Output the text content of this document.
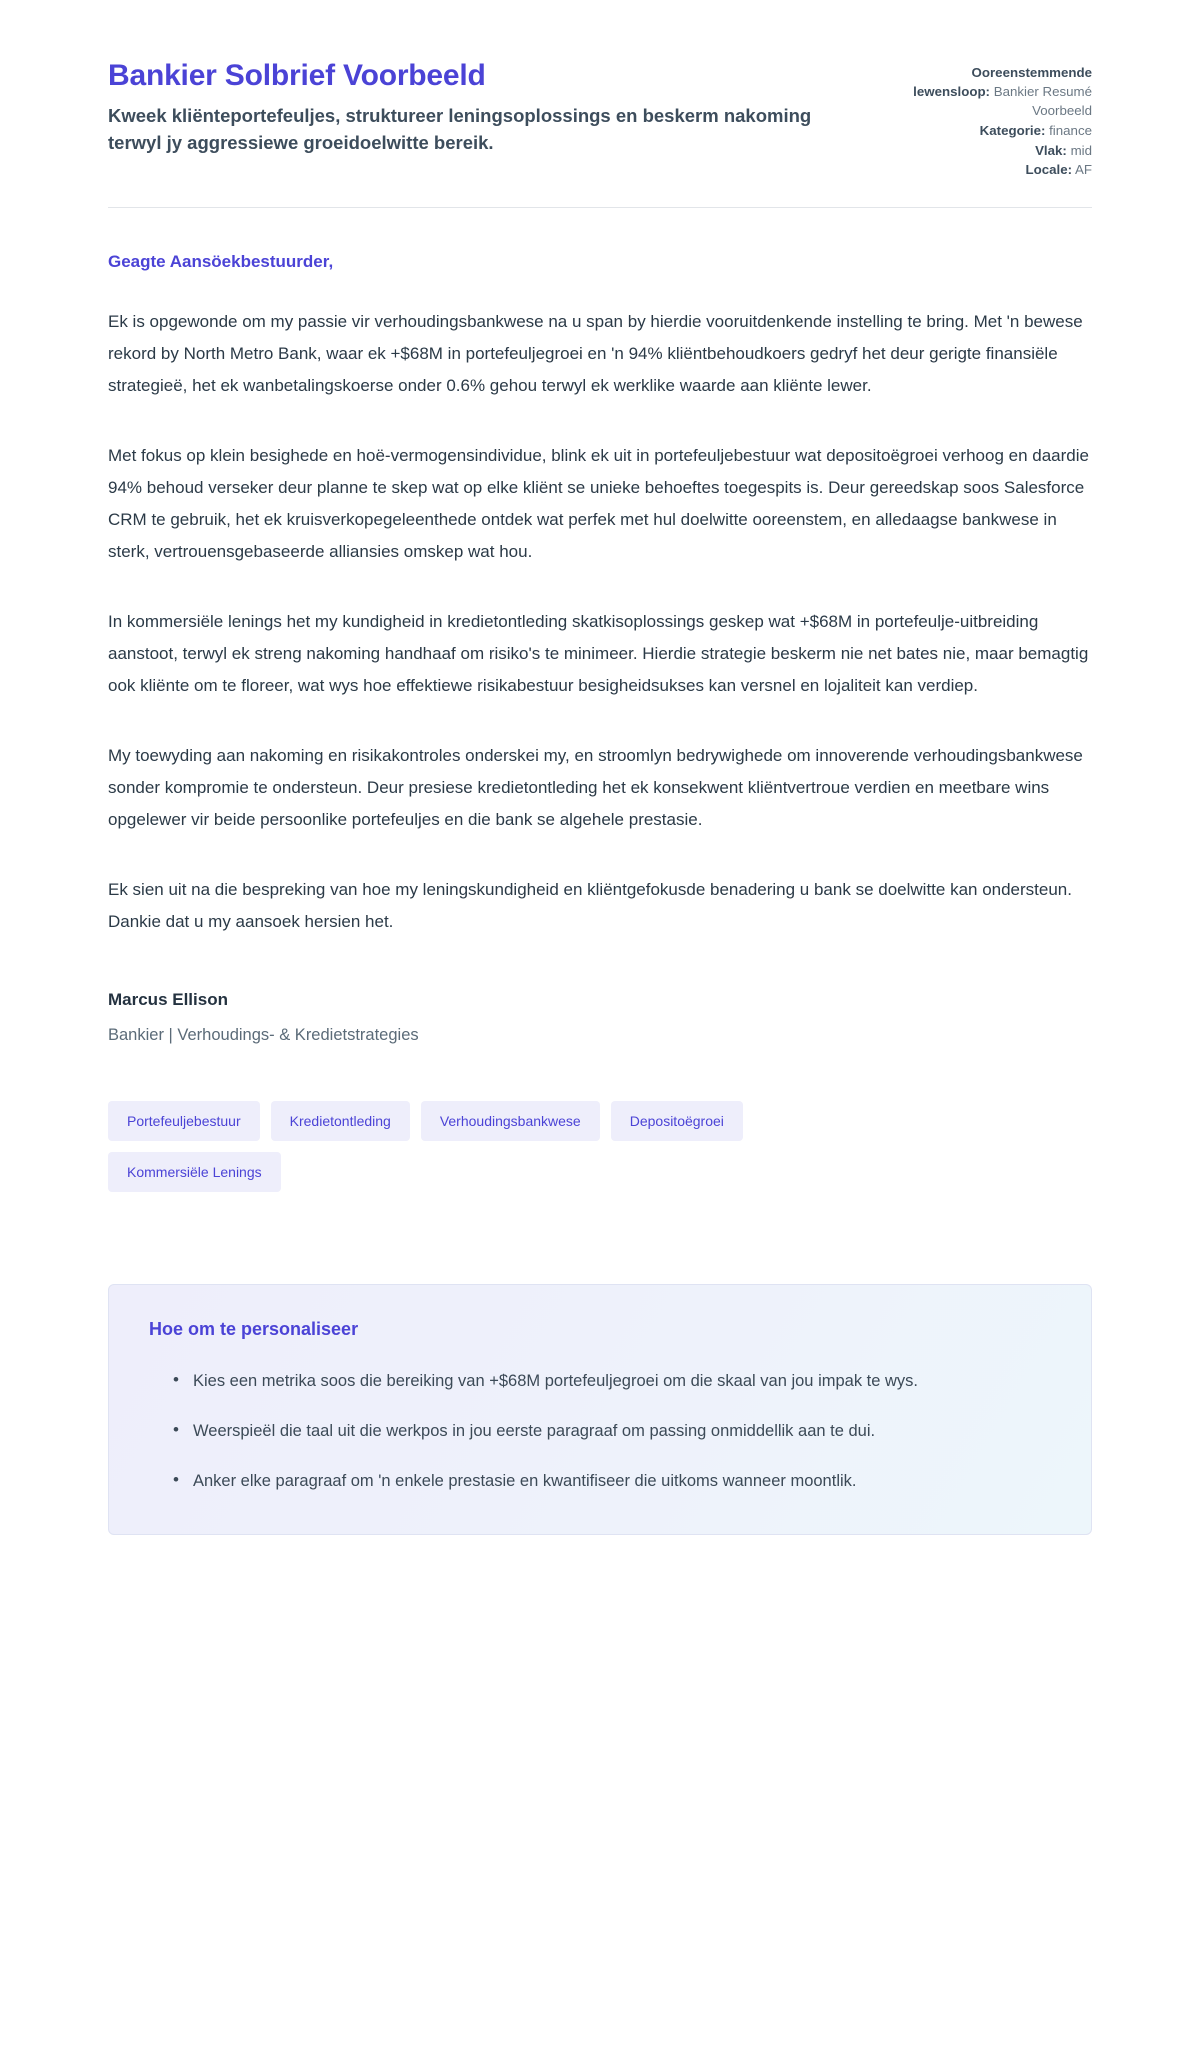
Bankier Solbrief Voorbeeld

Kweek kliënteportefeuljes, struktureer leningsoplossings en beskerm nakoming terwyl jy aggressiewe groeidoelwitte bereik.

Ooreenstemmende lewensloop: Bankier Resumé Voorbeeld
Kategorie: finance
Vlak: mid
Locale: AF

Geagte Aansöekbestuurder,

Ek is opgewonde om my passie vir verhoudingsbankwese na u span by hierdie vooruitdenkende instelling te bring. Met 'n bewese rekord by North Metro Bank, waar ek +$68M in portefeuljegroei en 'n 94% kliëntbehoudkoers gedryf het deur gerigte finansiële strategieë, het ek wanbetalingskoerse onder 0.6% gehou terwyl ek werklike waarde aan kliënte lewer.

Met fokus op klein besighede en hoë-vermogensindividue, blink ek uit in portefeuljebestuur wat depositoëgroei verhoog en daardie 94% behoud verseker deur planne te skep wat op elke kliënt se unieke behoeftes toegespits is. Deur gereedskap soos Salesforce CRM te gebruik, het ek kruisverkopegeleenthede ontdek wat perfek met hul doelwitte ooreenstem, en alledaagse bankwese in sterk, vertrouensgebaseerde alliansies omskep wat hou.

In kommersiële lenings het my kundigheid in kredietontleding skatkisoplossings geskep wat +$68M in portefeulje-uitbreiding aanstoot, terwyl ek streng nakoming handhaaf om risiko's te minimeer. Hierdie strategie beskerm nie net bates nie, maar bemagtig ook kliënte om te floreer, wat wys hoe effektiewe risikabestuur besigheidsukses kan versnel en lojaliteit kan verdiep.

My toewyding aan nakoming en risikakontroles onderskei my, en stroomlyn bedrywighede om innoverende verhoudingsbankwese sonder kompromie te ondersteun. Deur presiese kredietontleding het ek konsekwent kliëntvertroue verdien en meetbare wins opgelewer vir beide persoonlike portefeuljes en die bank se algehele prestasie.

Ek sien uit na die bespreking van hoe my leningskundigheid en kliëntgefokusde benadering u bank se doelwitte kan ondersteun. Dankie dat u my aansoek hersien het.

Marcus Ellison

Bankier | Verhoudings- & Kredietstrategies

Portefeuljebestuur	Kredietontleding	Verhoudingsbankwese	Depositoëgroei
Kommersiële Lenings
Hoe om te personaliseer
• Kies een metrika soos die bereiking van +$68M portefeuljegroei om die skaal van jou impak te wys.
• Weerspieël die taal uit die werkpos in jou eerste paragraaf om passing onmiddellik aan te dui.
• Anker elke paragraaf om 'n enkele prestasie en kwantifiseer die uitkoms wanneer moontlik.
